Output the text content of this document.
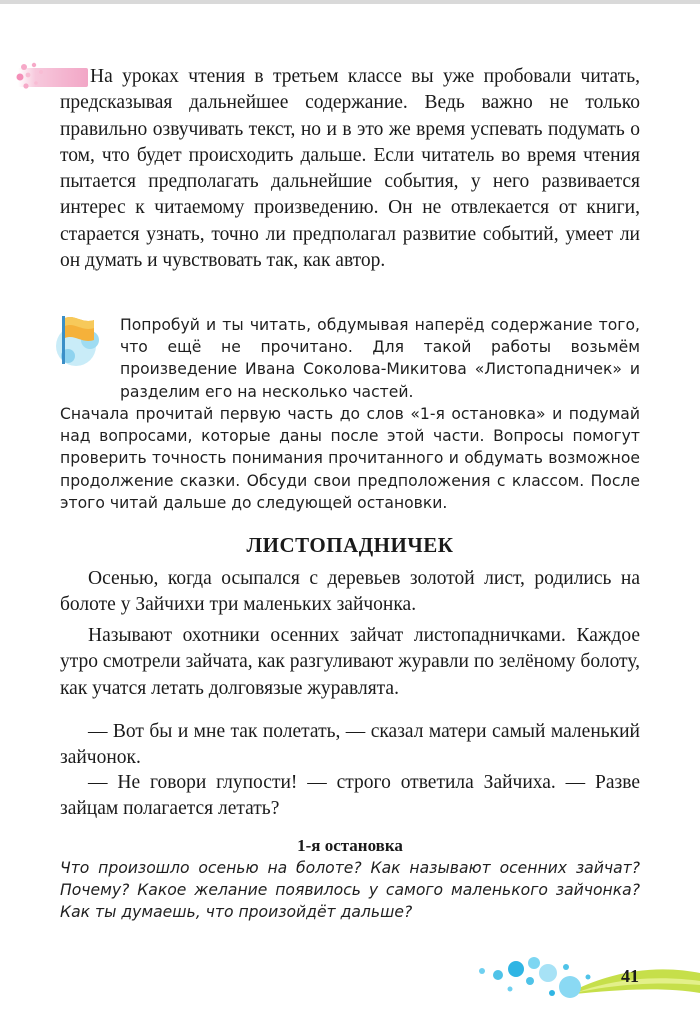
На уроках чтения в третьем классе вы уже пробовали читать, предсказывая дальнейшее содержание. Ведь важно не только правильно озвучивать текст, но и в это же время успевать подумать о том, что будет происходить дальше. Если читатель во время чтения пытается предполагать дальнейшие события, у него развивается интерес к читаемому произведению. Он не отвлекается от книги, старается узнать, точно ли предполагал развитие событий, умеет ли он думать и чувствовать так, как автор.

Попробуй и ты читать, обдумывая наперёд содержание того, что ещё не прочитано. Для такой работы возьмём произведение Ивана Соколова-Микитова «Листопадничек» и разделим его на несколько частей.

Сначала прочитай первую часть до слов «1-я остановка» и подумай над вопросами, которые даны после этой части. Вопросы помогут проверить точность понимания прочитанного и обдумать возможное продолжение сказки. Обсуди свои предположения с классом. После этого читай дальше до следующей остановки.

ЛИСТОПАДНИЧЕК

Осенью, когда осыпался с деревьев золотой лист, родились на болоте у Зайчихи три маленьких зайчонка.

Называют охотники осенних зайчат листопадничками. Каждое утро смотрели зайчата, как разгуливают журавли по зелёному болоту, как учатся летать долговязые журавлята.

— Вот бы и мне так полетать, — сказал матери самый маленький зайчонок.

— Не говори глупости! — строго ответила Зайчиха. — Разве зайцам полагается летать?

1-я остановка

Что произошло осенью на болоте? Как называют осенних зайчат? Почему? Какое желание появилось у самого маленького зайчонка? Как ты думаешь, что произойдёт дальше?

41
